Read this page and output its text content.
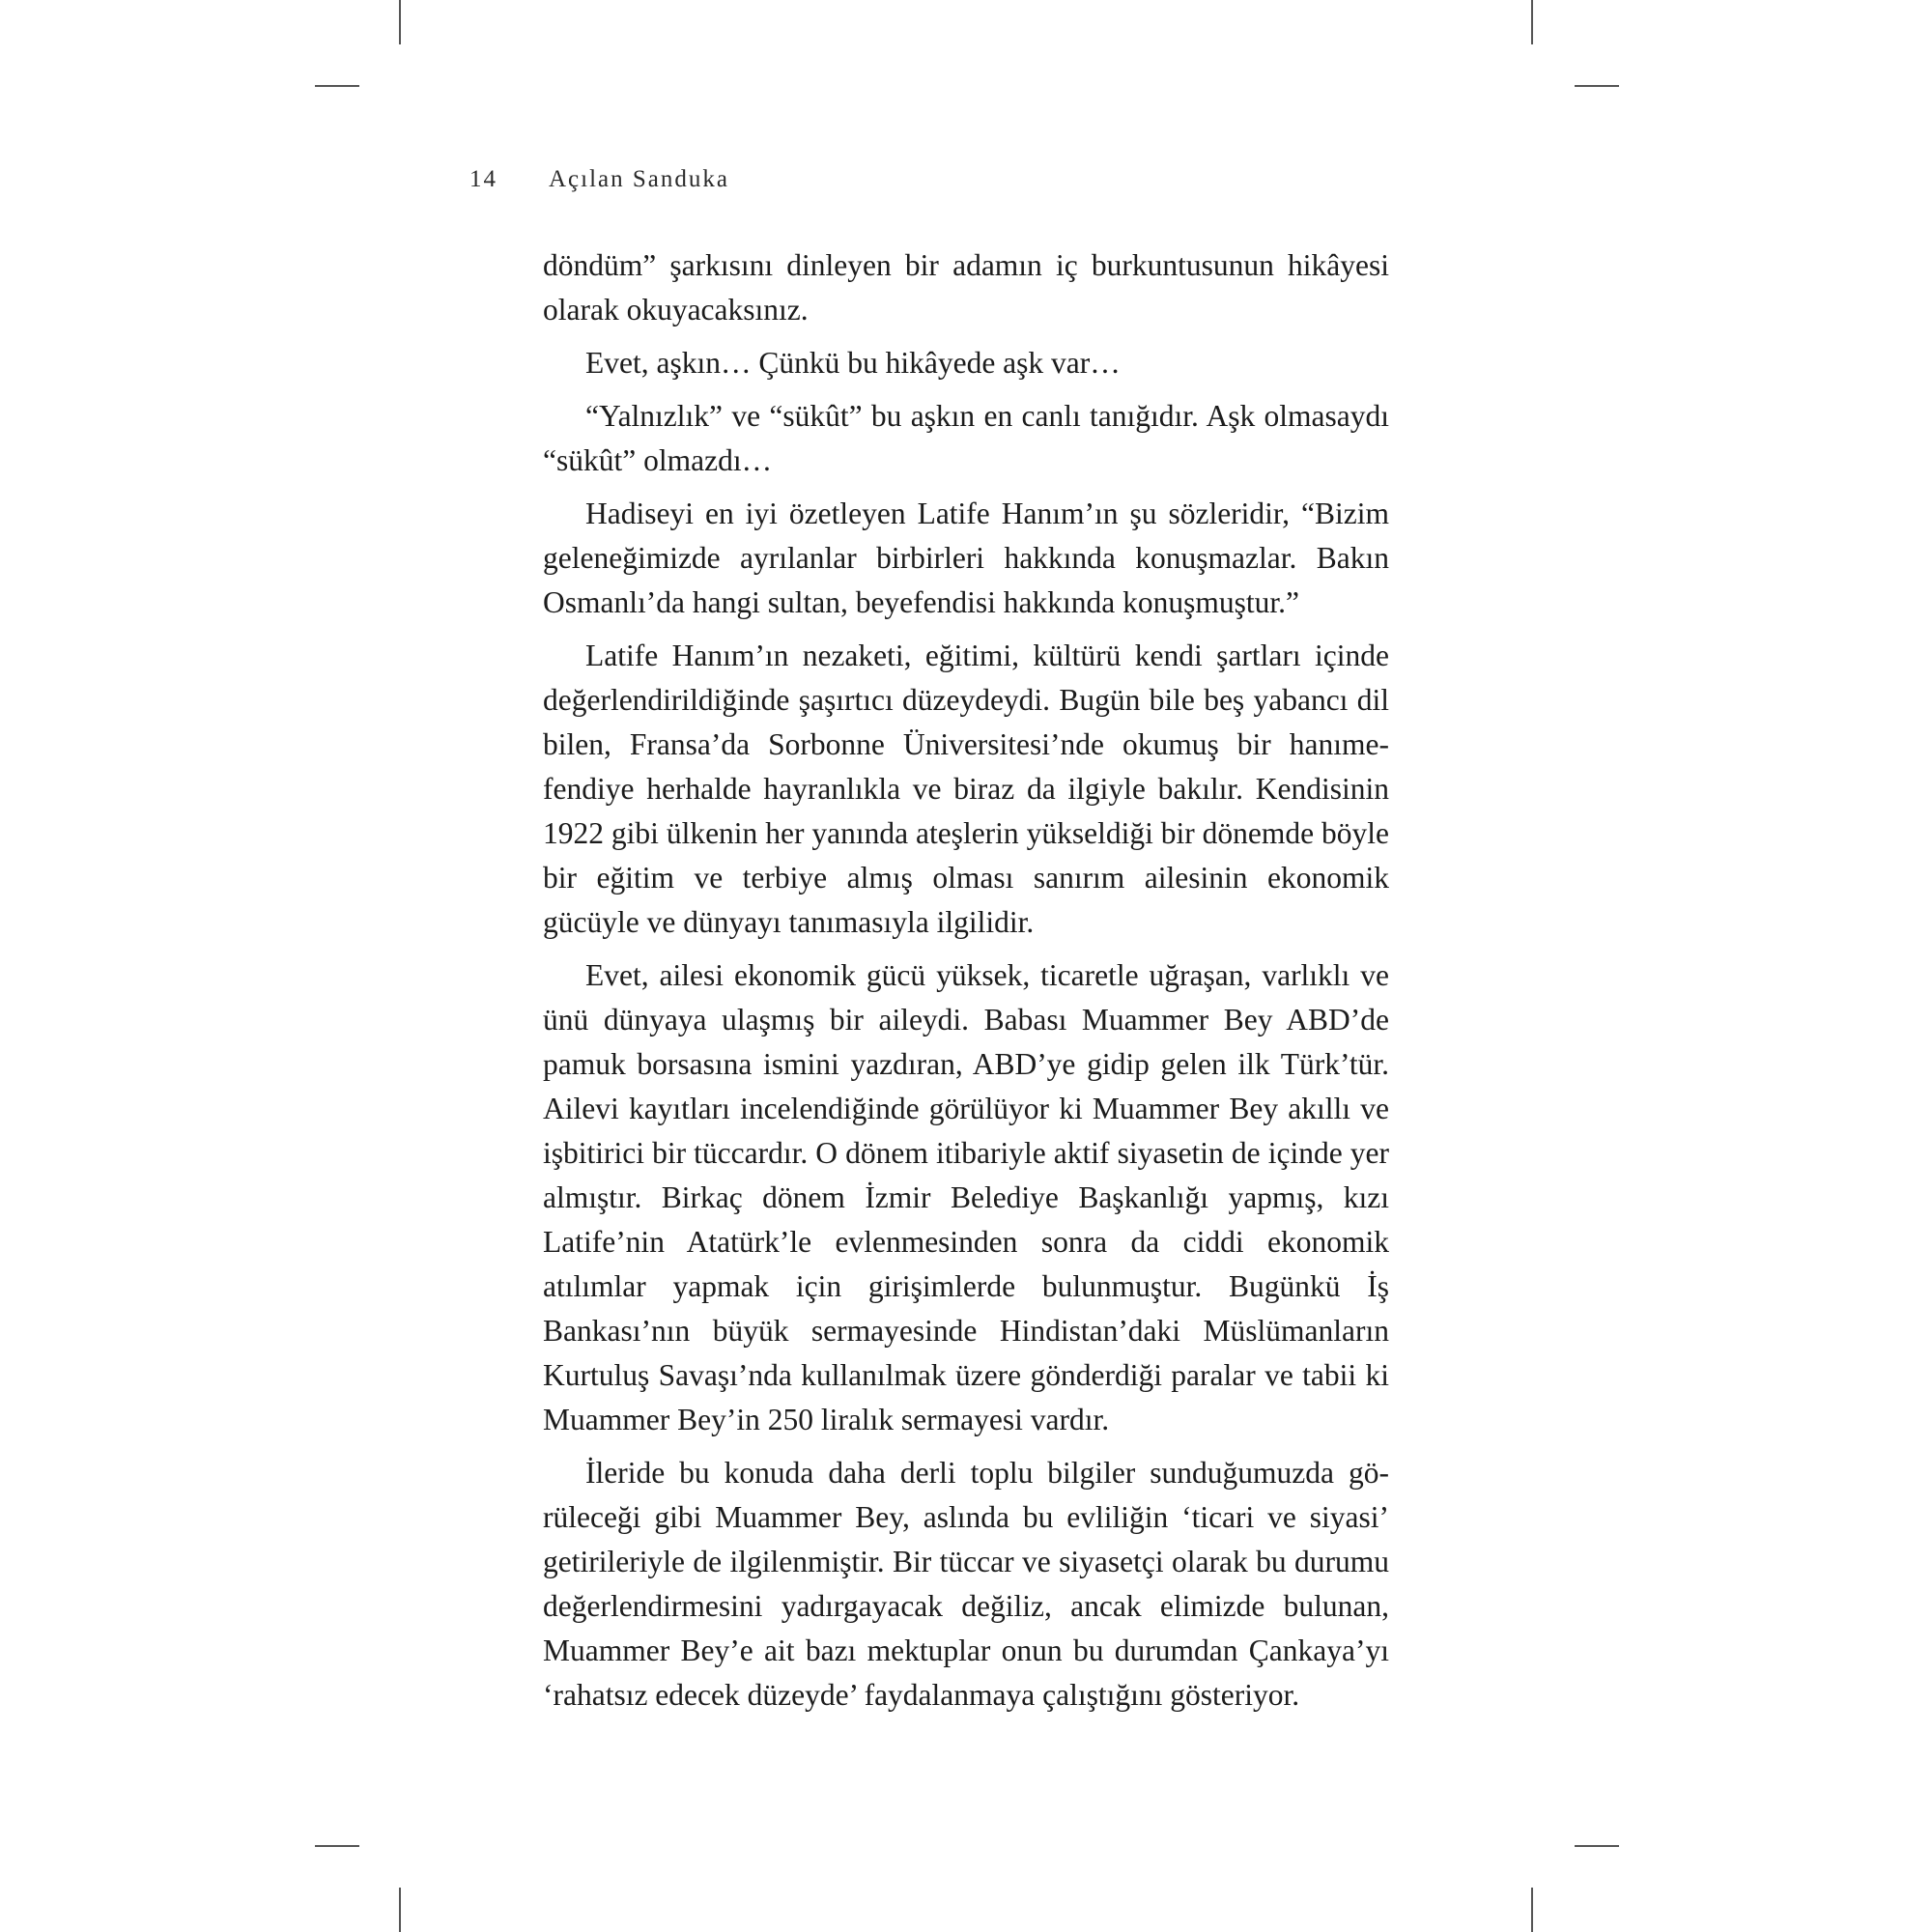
14 Açılan Sanduka

döndüm” şarkısını dinleyen bir adamın iç burkuntusunun hikâyesi olarak okuyacaksınız.

Evet, aşkın… Çünkü bu hikâyede aşk var…

“Yalnızlık” ve “sükût” bu aşkın en canlı tanığıdır. Aşk olmasaydı “sükût” olmazdı…

Hadiseyi en iyi özetleyen Latife Hanım’ın şu sözleridir, “Bizim geleneğimizde ayrılanlar birbirleri hakkında konuşmazlar. Bakın Osmanlı’da hangi sultan, beyefendisi hakkında konuşmuştur.”

Latife Hanım’ın nezaketi, eğitimi, kültürü kendi şartları içinde değerlendirildiğinde şaşırtıcı düzeydeydi. Bugün bile beş yabancı dil bilen, Fransa’da Sorbonne Üniversitesi’nde okumuş bir hanımefendiye herhalde hayranlıkla ve biraz da ilgiyle bakılır. Kendisinin 1922 gibi ülkenin her yanında ateşlerin yükseldiği bir dönemde böyle bir eğitim ve terbiye almış olması sanırım ailesinin ekonomik gücüyle ve dünyayı tanımasıyla ilgilidir.

Evet, ailesi ekonomik gücü yüksek, ticaretle uğraşan, varlıklı ve ünü dünyaya ulaşmış bir aileydi. Babası Muammer Bey ABD’de pamuk borsasına ismini yazdıran, ABD’ye gidip gelen ilk Türk’tür. Ailevi kayıtları incelendiğinde görülüyor ki Muammer Bey akıllı ve işbitirici bir tüccardır. O dönem itibariyle aktif siyasetin de içinde yer almıştır. Birkaç dönem İzmir Belediye Başkanlığı yapmış, kızı Latife’nin Atatürk’le evlenmesinden sonra da ciddi ekonomik atılımlar yapmak için girişimlerde bulunmuştur. Bugünkü İş Bankası’nın büyük sermayesinde Hindistan’daki Müslümanların Kurtuluş Savaşı’nda kullanılmak üzere gönderdiği paralar ve tabii ki Muammer Bey’in 250 liralık sermayesi vardır.

İleride bu konuda daha derli toplu bilgiler sunduğumuzda görüleceği gibi Muammer Bey, aslında bu evliliğin ‘ticari ve siyasi’ getirileriyle de ilgilenmiştir. Bir tüccar ve siyasetçi olarak bu durumu değerlendirmesini yadırgayacak değiliz, ancak elimizde bulunan, Muammer Bey’e ait bazı mektuplar onun bu durumdan Çankaya’yı ‘rahatsız edecek düzeyde’ faydalanmaya çalıştığını gösteriyor.
